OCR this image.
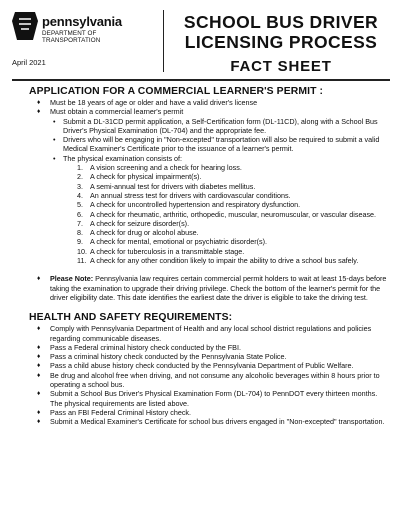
pennsylvania
DEPARTMENT OF TRANSPORTATION
April 2021
SCHOOL BUS DRIVER
LICENSING PROCESS
FACT SHEET
APPLICATION FOR A COMMERCIAL LEARNER'S PERMIT :
♦ Must be 18 years of age or older and have a valid driver's license
♦ Must obtain a commercial learner's permit
• Submit a DL-31CD permit application, a Self-Certification form (DL-11CD), along with a School Bus Driver's Physical Examination (DL-704) and the appropriate fee.
• Drivers who will be engaging in "Non-excepted" transportation will also be required to submit a valid Medical Examiner's Certificate prior to the issuance of a learner's permit.
• The physical examination consists of:
1. A vision screening and a check for hearing loss.
2. A check for physical impairment(s).
3. A semi-annual test for drivers with diabetes mellitus.
4. An annual stress test for drivers with cardiovascular conditions.
5. A check for uncontrolled hypertension and respiratory dysfunction.
6. A check for rheumatic, arthritic, orthopedic, muscular, neuromuscular, or vascular disease.
7. A check for seizure disorder(s).
8. A check for drug or alcohol abuse.
9. A check for mental, emotional or psychiatric disorder(s).
10. A check for tuberculosis in a transmittable stage.
11. A check for any other condition likely to impair the ability to drive a school bus safely.
♦ Please Note: Pennsylvania law requires certain commercial permit holders to wait at least 15-days before taking the examination to upgrade their driving privilege. Check the bottom of the learner's permit for the driver eligibility date. This date identifies the earliest date the driver is eligible to take the driving test.
HEALTH AND SAFETY REQUIREMENTS:
♦ Comply with Pennsylvania Department of Health and any local school district regulations and policies regarding communicable diseases.
♦ Pass a Federal criminal history check conducted by the FBI.
♦ Pass a criminal history check conducted by the Pennsylvania State Police.
♦ Pass a child abuse history check conducted by the Pennsylvania Department of Public Welfare.
♦ Be drug and alcohol free when driving, and not consume any alcoholic beverages within 8 hours prior to operating a school bus.
♦ Submit a School Bus Driver's Physical Examination Form (DL-704) to PennDOT every thirteen months. The physical requirements are listed above.
♦ Pass an FBI Federal Criminal History check.
♦ Submit a Medical Examiner's Certificate for school bus drivers engaged in "Non-excepted" transportation.
